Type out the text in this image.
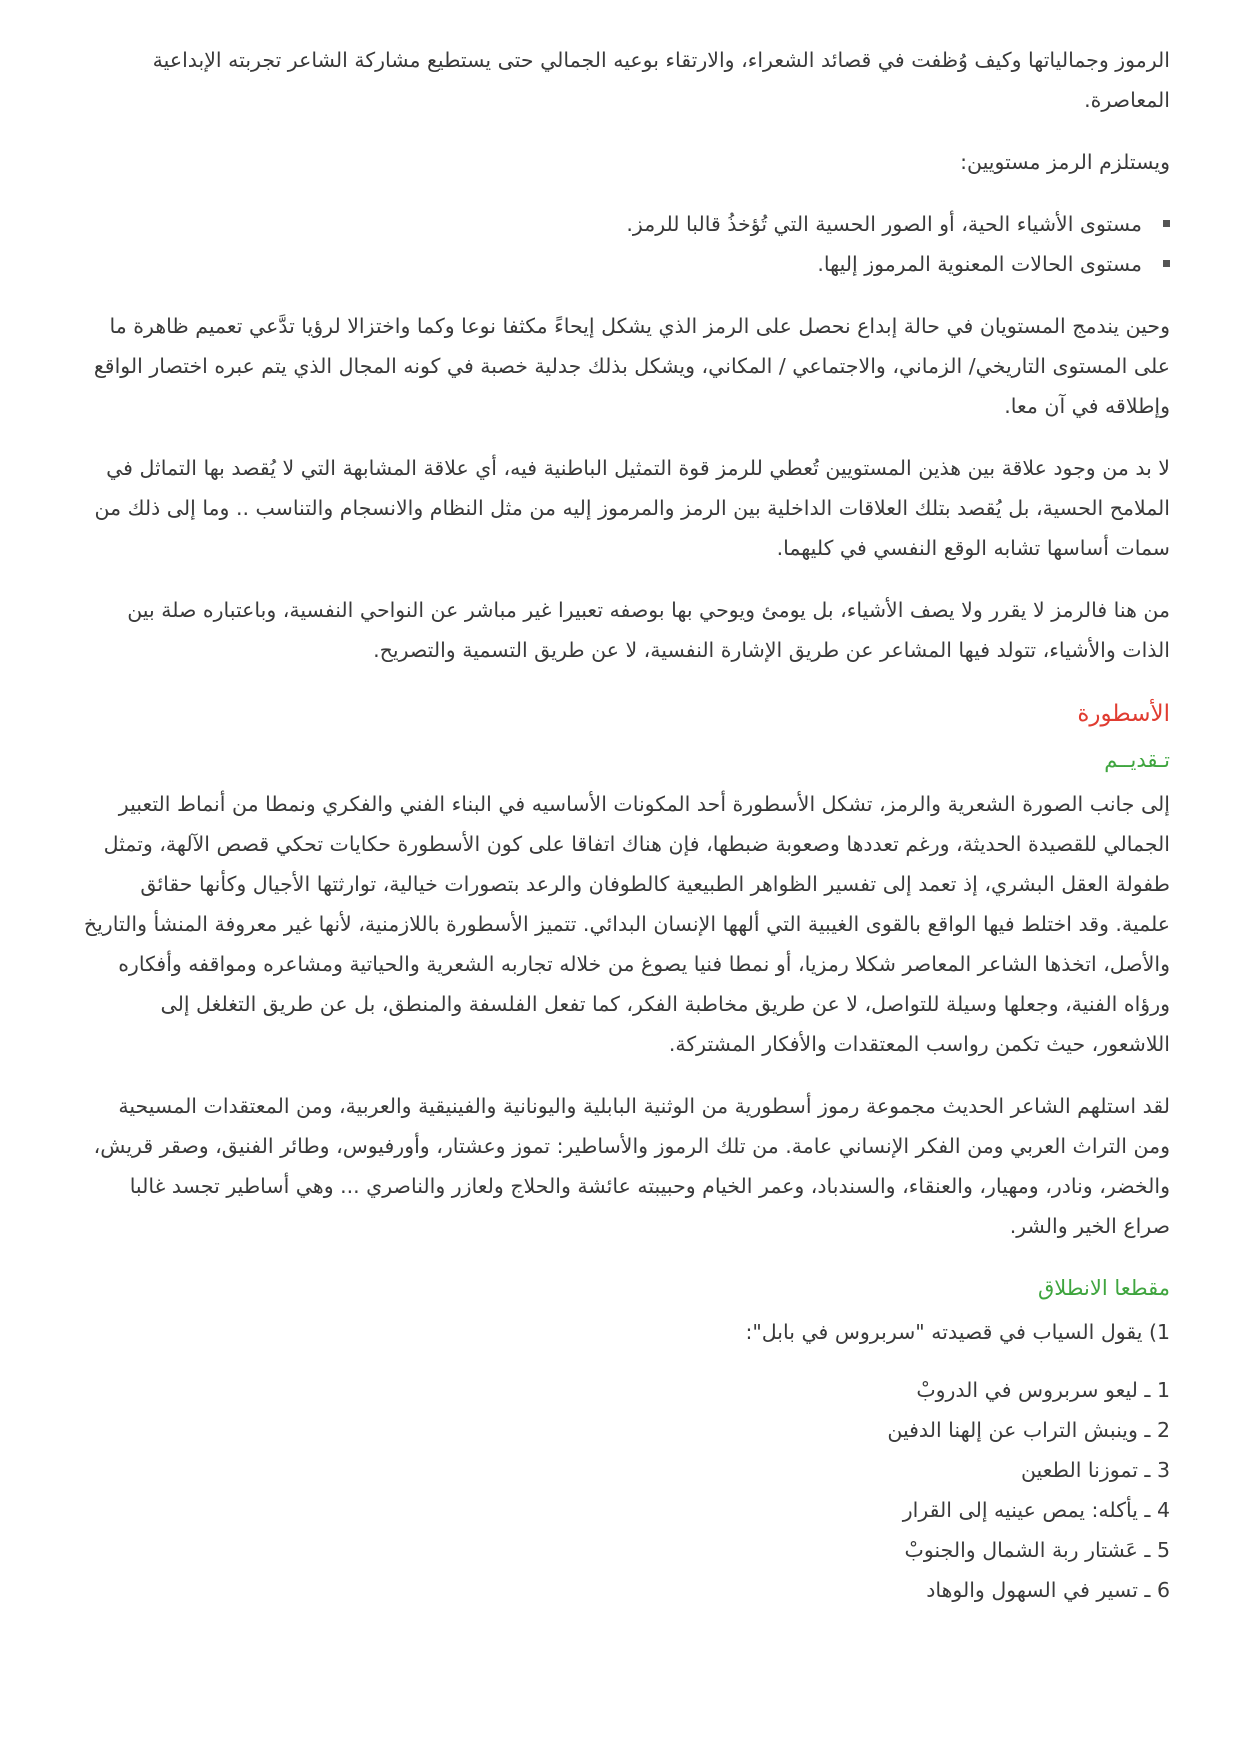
الرموز وجمالياتها وكيف وُظفت في قصائد الشعراء، والارتقاء بوعيه الجمالي حتى يستطيع مشاركة الشاعر تجربته الإبداعية المعاصرة.

ويستلزم الرمز مستويين:

مستوى الأشياء الحية، أو الصور الحسية التي تُؤخذُ قالبا للرمز.
مستوى الحالات المعنوية المرموز إليها.

وحين يندمج المستويان في حالة إبداع نحصل على الرمز الذي يشكل إيحاءً مكثفا نوعا وكما واختزالا لرؤيا تدَّعي تعميم ظاهرة ما على المستوى التاريخي/ الزماني، والاجتماعي / المكاني، ويشكل بذلك جدلية خصبة في كونه المجال الذي يتم عبره اختصار الواقع وإطلاقه في آن معا.

لا بد من وجود علاقة بين هذين المستويين تُعطي للرمز قوة التمثيل الباطنية فيه، أي علاقة المشابهة التي لا يُقصد بها التماثل في الملامح الحسية، بل يُقصد بتلك العلاقات الداخلية بين الرمز والمرموز إليه من مثل النظام والانسجام والتناسب .. وما إلى ذلك من سمات أساسها تشابه الوقع النفسي في كليهما.

من هنا فالرمز لا يقرر ولا يصف الأشياء، بل يومئ ويوحي بها بوصفه تعبيرا غير مباشر عن النواحي النفسية، وباعتباره صلة بين الذات والأشياء، تتولد فيها المشاعر عن طريق الإشارة النفسية، لا عن طريق التسمية والتصريح.

الأسطورة
تـقديــم

إلى جانب الصورة الشعرية والرمز، تشكل الأسطورة أحد المكونات الأساسيه في البناء الفني والفكري ونمطا من أنماط التعبير الجمالي للقصيدة الحديثة، ورغم تعددها وصعوبة ضبطها، فإن هناك اتفاقا على كون الأسطورة حكايات تحكي قصص الآلهة، وتمثل طفولة العقل البشري، إذ تعمد إلى تفسير الظواهر الطبيعية كالطوفان والرعد بتصورات خيالية، توارثتها الأجيال وكأنها حقائق علمية. وقد اختلط فيها الواقع بالقوى الغيبية التي ألهها الإنسان البدائي. تتميز الأسطورة باللازمنية، لأنها غير معروفة المنشأ والتاريخ والأصل، اتخذها الشاعر المعاصر شكلا رمزيا، أو نمطا فنيا يصوغ من خلاله تجاربه الشعرية والحياتية ومشاعره ومواقفه وأفكاره ورؤاه الفنية، وجعلها وسيلة للتواصل، لا عن طريق مخاطبة الفكر، كما تفعل الفلسفة والمنطق، بل عن طريق التغلغل إلى اللاشعور، حيث تكمن رواسب المعتقدات والأفكار المشتركة.

لقد استلهم الشاعر الحديث مجموعة رموز أسطورية من الوثنية البابلية واليونانية والفينيقية والعربية، ومن المعتقدات المسيحية ومن التراث العربي ومن الفكر الإنساني عامة. من تلك الرموز والأساطير: تموز وعشتار، وأورفيوس، وطائر الفنيق، وصقر قريش، والخضر، ونادر، ومهيار، والعنقاء، والسندباد، وعمر الخيام وحبيبته عائشة والحلاج ولعازر والناصري ... وهي أساطير تجسد غالبا صراع الخير والشر.

مقطعا الانطلاق

1) يقول السياب في قصيدته "سربروس في بابل":

1 ـ ليعو سربروس في الدروبْ
2 ـ وينبش التراب عن إلهنا الدفين
3 ـ تموزنا الطعين
4 ـ يأكله: يمص عينيه إلى القرار
5 ـ عَشتار ربة الشمال والجنوبْ
6 ـ تسير في السهول والوهاد
